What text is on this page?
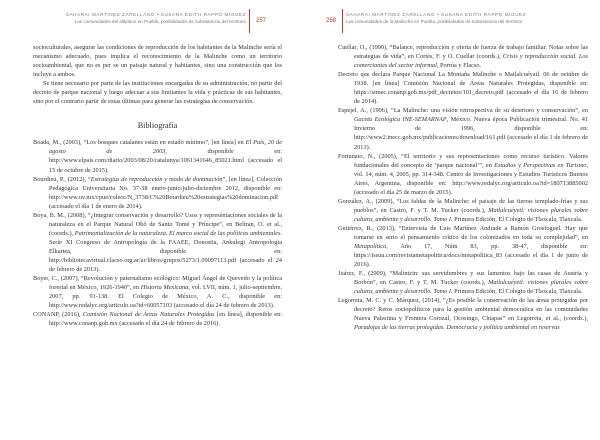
SAHARAI MARTÍNEZ ZARELLANO • SUSANA EDITH RAPPO MÍGUEZ
Las comunidades del altiplano en Puebla, posibilidades de subsistencia del territorio	257

socioculturales, asegurar las condiciones de reproducción de los habitantes de la Malinche sería el mecanismo adecuado, pues implica el reconocimiento de la Malinche como un territorio socioambiental, que no es per se un paisaje natural y habitantes, sino una construcción que los incluye a ambos.

Se tiene necesario por parte de las instituciones encargadas de su administración, no partir del decreto de parque nacional y luego adecuar a sus limitantes la vida y prácticas de sus habitantes, sino por el contrario partir de estas últimas para generar las estrategias de conservación.

Bibliografía

Boada, M., (2003), “Los bosques catalanes están en estado mínimo”, [en línea] en El País, 20 de agosto de 2003, disponible en: http://www.elpais.com/diario/2003/08/20/catalunya/1061341646_85021.html (accesado el 15 de octubre de 2015).

Bourdieu, P., (2012), “Estrategias de reproducción y modo de dominación”, [en línea], Colección Pedagógica Universitaria No. 37-38 enero-junio/julio-diciembre 2012, disponible en: http://www.uv.mx/cpue/colecc/N_3738/C%20Bourdieu%20estrategias%20dominacion.pdf (accesado el día 1 de enero de 2014).

Boya, B. M., (2008), “¿Integrar conservación y desarrollo? Usos y representaciones sociales de la naturaleza en el Parque Natural Obô de Santo Tomé y Príncipe”, en Beltran, O. et al., (coords.), Patrimonialización de la naturaleza. El marco social de las políticas ambientales. Serie XI Congreso de Antropología de la FAAEE, Donostia, Ankulegi Antropologia Elkartea, disponible en: http://bibliotecavirtual.clacso.org.ar/ar/libros/grupos/5273/1.09097113.pdf (accesado el 24 de febrero de 2013).

Boyer, C., (2007), “Revolución y paternalismo ecológico: Miguel Ángel de Quevedo y la política forestal en México, 1926-1940”, en Historia Mexicana, vol. LVII, núm. 1, julio-septiembre, 2007, pp. 91-138. El Colegio de México, A. C., disponible en: http://www.redalyc.org/articulo.oa?id=60057103 (accesado el día 24 de febrero de 2013).

CONANP, (2016), Comisión Nacional de Áreas Naturales Protegidas [en línea], disponible en: http://www.conanp.gob.mx (accesado el día 24 de febrero de 2016).

258
SAHARAI MARTÍNEZ ZARELLANO • SUSANA EDITH RAPPO MÍGUEZ
Las comunidades de la Malinche en Puebla, posibilidades de subsistencia del territorio

Cuellar, O., (1990), “Balance, reproducción y oferta de fuerza de trabajo familiar. Notas sobre las estrategias de vida”, en Cortés, F. y O. Cuellar (coords.), Crisis y reproducción social. Los comerciantes del sector informal, Porrúa y Flacso.

Decreto que declara Parque Nacional La Montaña Malinche o Matlalcuéyatl. 06 de octubre de 1938. [en línea] Comisión Nacional de Áreas Naturales Protegidas, disponible en: https://simec.conanp.gob.mx/pdf_decretos/101_decreto.pdf (accesado el día 16 de febrero de 2014).

Espejel, A., (1996), “La Malinche: una visión retrospectiva de su deterioro y conservación”, en Gaceta Ecológica INE-SEMARNAP, México. Nueva época Publicación trimestral. No. 41 Invierno de 1996, disponible en: http://www2.inecc.gob.mx/publicaciones/download/161.pdf (accesado el día 1 de febrero de 2013).

Fortunato, N., (2005), “El territorio y sus representaciones como recurso turístico. Valores fundacionales del concepto de ‘parque nacional’”, en Estudios y Perspectivas en Turismo, vol. 14, núm. 4, 2005, pp. 314-348. Centro de Investigaciones y Estudios Turísticos Buenos Aires, Argentina, disponible en: http://www.redalyc.org/articulo.oa?id=180713885002 (accesado el día 25 de marzo de 2015).

González, A., (2009), “Los faldas de la Malinche: el paisaje de las tierras templado-frías y sus pueblos”, en Castro, F. y T. M. Tucker (coords.), Matlalcuéyetl: visiones plurales sobre cultura, ambiente y desarrollo. Tomo I. Primera Edición, El Colegio de Tlaxcala, Tlaxcala.

Gutiérrez, R., (2013), “Entrevista de Luis Martínez Andrade a Ramón Grosfoguel. Hay que tomarse en serio el pensamiento crítico de los colonizados en toda su complejidad”, en Metapolítica, Año 17, Núm 83, pp. 38-47, disponible en: https://issuu.com/revistametapolitica/docs/metapolitica_83 (accesado el día 1 de junio de 2016).

Juárez, F., (2009), “Malintzin: sus servidumbres y sus lamentos bajo las casas de Austria y Borbón”, en Castro, F. y T. M. Tucker (coords.), Matlalcuéyetl: visiones plurales sobre cultura, ambiente y desarrollo. Tomo I. Primera Edición, El Colegio de Tlaxcala, Tlaxcala.

Legorreta, M. C. y C. Márquez, (2014), “¿Es posible la conservación de las áreas protegidas por decreto? Retos sociopolíticos para la gestión ambiental democrática en las comunidades Nueva Palestina y Frontera Corozal, Ocosingo, Chiapas” en Legorreta, et al., (coords.), Paradojas de las tierras protegidas. Democracia y política ambiental en reservas
